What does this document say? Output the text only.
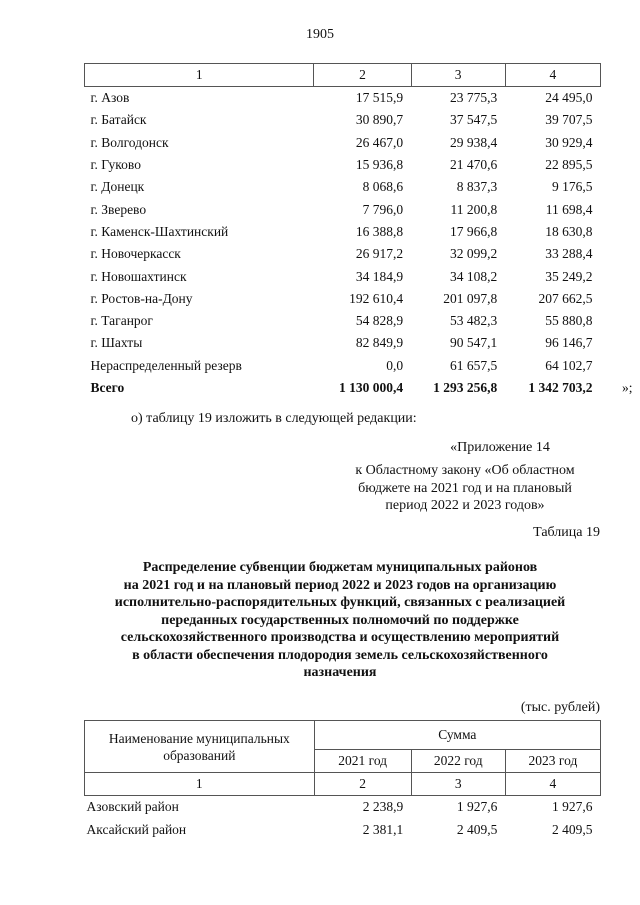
1905
1	2	3	4
г. Азов	17 515,9	23 775,3	24 495,0
г. Батайск	30 890,7	37 547,5	39 707,5
г. Волгодонск	26 467,0	29 938,4	30 929,4
г. Гуково	15 936,8	21 470,6	22 895,5
г. Донецк	8 068,6	8 837,3	9 176,5
г. Зверево	7 796,0	11 200,8	11 698,4
г. Каменск-Шахтинский	16 388,8	17 966,8	18 630,8
г. Новочеркасск	26 917,2	32 099,2	33 288,4
г. Новошахтинск	34 184,9	34 108,2	35 249,2
г. Ростов-на-Дону	192 610,4	201 097,8	207 662,5
г. Таганрог	54 828,9	53 482,3	55 880,8
г. Шахты	82 849,9	90 547,1	96 146,7
Нераспределенный резерв	0,0	61 657,5	64 102,7
Всего	1 130 000,4	1 293 256,8	1 342 703,2 »;
о) таблицу 19 изложить в следующей редакции:
«Приложение 14
к Областному закону «Об областном
бюджете на 2021 год и на плановый
период 2022 и 2023 годов»
Таблица 19
Распределение субвенции бюджетам муниципальных районов
на 2021 год и на плановый период 2022 и 2023 годов на организацию
исполнительно-распорядительных функций, связанных с реализацией
переданных государственных полномочий по поддержке
сельскохозяйственного производства и осуществлению мероприятий
в области обеспечения плодородия земель сельскохозяйственного
назначения
(тыс. рублей)
Наименование муниципальных
образований	Сумма		
	2021 год	2022 год	2023 год
1	2	3	4
Азовский район	2 238,9	1 927,6	1 927,6
Аксайский район	2 381,1	2 409,5	2 409,5
